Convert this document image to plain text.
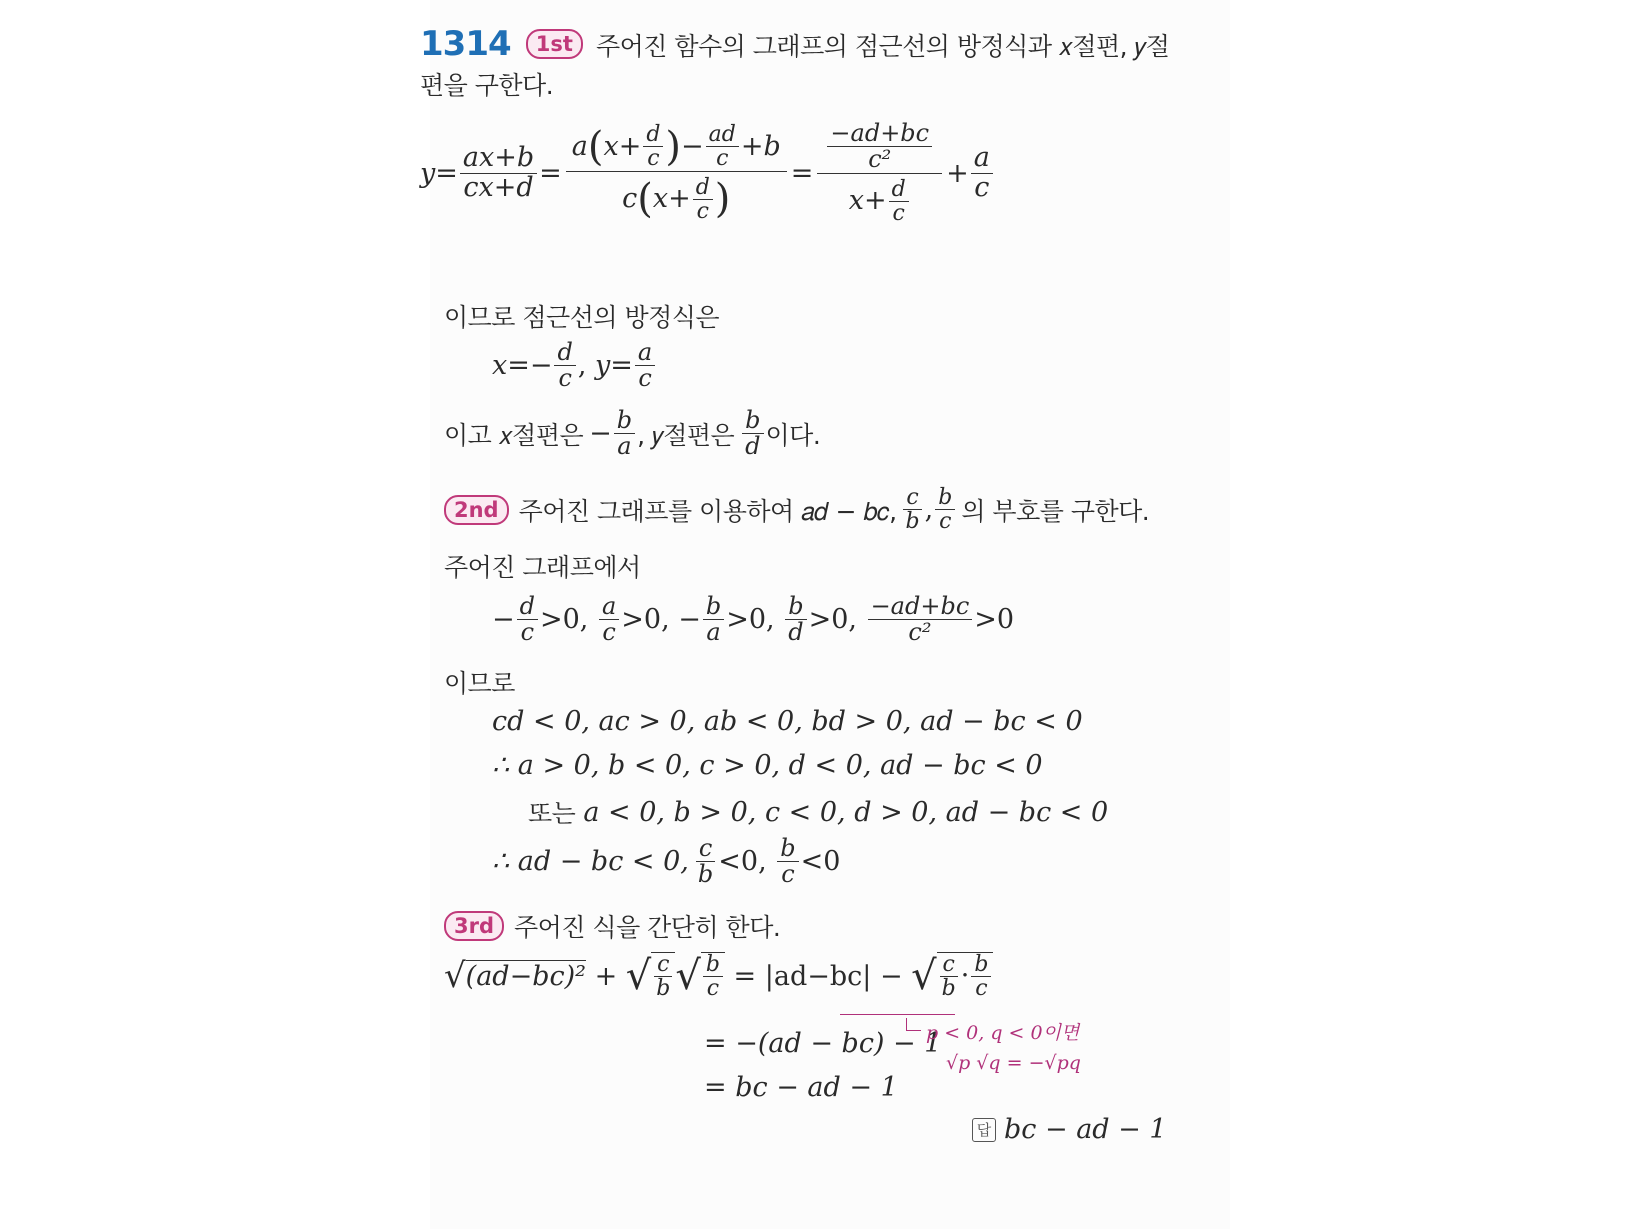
1314 1st 주어진 함수의 그래프의 점근선의 방정식과 𝑥절편, 𝑦절
편을 구한다.
$y = \frac{ax+b}{cx+d} = \frac{a ( x+ \frac{d}{c} ) - \frac{ad}{c} +b}{c ( x+ \frac{d}{c} )} = \frac{\frac{-ad+bc}{\text{c²}}}{x+ \frac{d}{c}} + \frac{a}{c}$
이므로 점근선의 방정식은
$x =- \frac{d}{c}$ , $y = \frac{a}{c}$
이고 𝑥절편은 − $\frac{b}{a}$ , 𝑦절편은 $\frac{b}{d}$ 이다.
2nd 주어진 그래프를 이용하여 𝑎𝑑 − 𝑏𝑐, $\frac{c}{b}$ , $\frac{b}{c}$ 의 부호를 구한다.
주어진 그래프에서
− $\frac{d}{c} >0$, $\frac{a}{c} >0$, − $\frac{b}{a} >0$, $\frac{b}{d} >0$, $\frac{-ad+bc}{\text{c²}} >0$
이므로
𝑐𝑑 < 0, 𝑎𝑐 > 0, 𝑎𝑏 < 0, 𝑏𝑑 > 0, 𝑎𝑑 − 𝑏𝑐 < 0
∴ 𝑎 > 0, 𝑏 < 0, 𝑐 > 0, 𝑑 < 0, 𝑎𝑑 − 𝑏𝑐 < 0
또는 𝑎 < 0, 𝑏 > 0, 𝑐 < 0, 𝑑 > 0, 𝑎𝑑 − 𝑏𝑐 < 0
∴ 𝑎𝑑 − 𝑏𝑐 < 0, $\frac{c}{b} <0$, $\frac{b}{c} <0$
3rd 주어진 식을 간단히 한다.
√ (ad−bc)² + √ $\frac{c}{b}$ √ $\frac{b}{c} = |ad-bc|$ − √ $\frac{c}{b} \cdot \frac{b}{c}$
= −(𝑎𝑑 − 𝑏𝑐) − 1
𝑝 < 0, 𝑞 < 0이면
√𝑝 √𝑞 = −√𝑝𝑞
= 𝑏𝑐 − 𝑎𝑑 − 1
답 𝑏𝑐 − 𝑎𝑑 − 1
